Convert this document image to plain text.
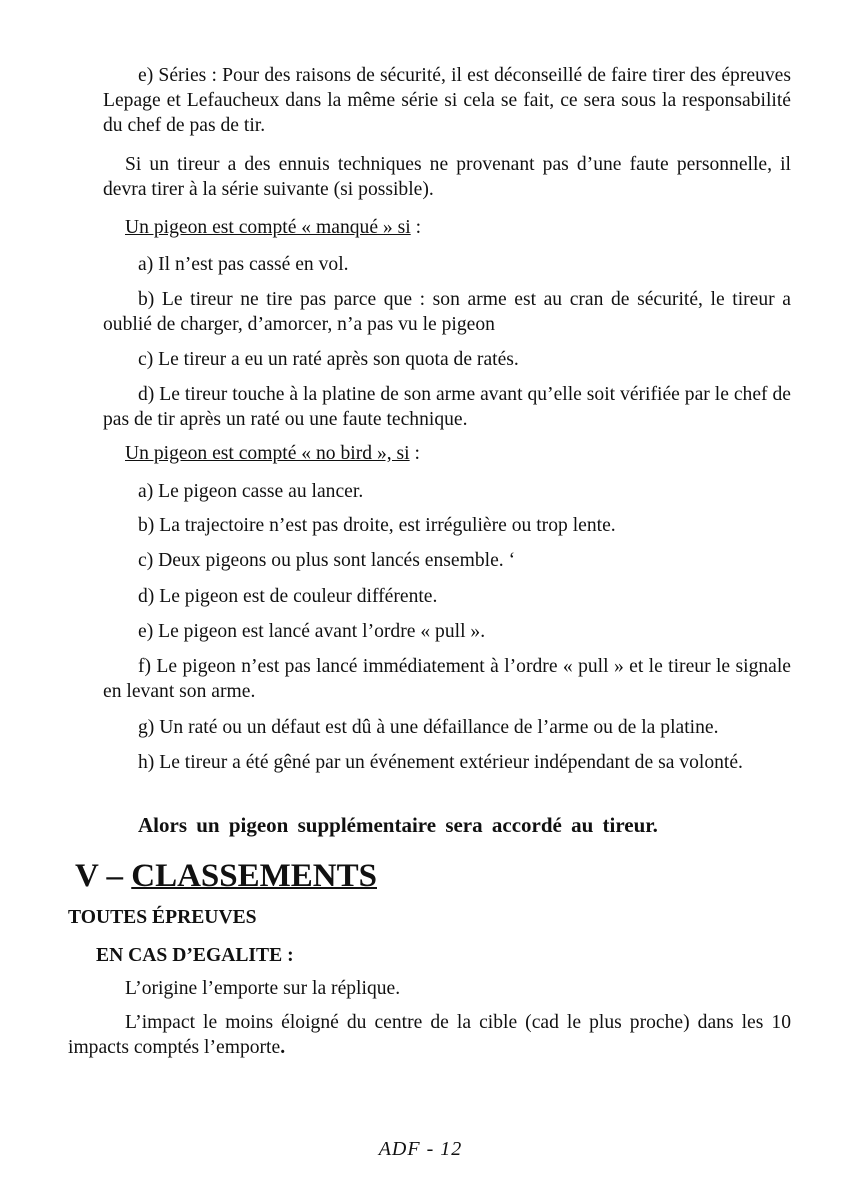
e) Séries : Pour des raisons de sécurité, il est déconseillé de faire tirer des épreuves Lepage et Lefaucheux dans la même série si cela se fait, ce sera sous la responsabilité du chef de pas de tir.

Si un tireur a des ennuis techniques ne provenant pas d’une faute personnelle, il devra tirer à la série suivante (si possible).

Un pigeon est compté « manqué » si :

a) Il n’est pas cassé en vol.

b) Le tireur ne tire pas parce que : son arme est au cran de sécurité, le tireur a oublié de charger, d’amorcer, n’a pas vu le pigeon

c) Le tireur a eu un raté après son quota de ratés.

d) Le tireur touche à la platine de son arme avant qu’elle soit vérifiée par le chef de pas de tir après un raté ou une faute technique.

Un pigeon est compté « no bird », si :

a) Le pigeon casse au lancer.

b) La trajectoire n’est pas droite, est irrégulière ou trop lente.

c) Deux pigeons ou plus sont lancés ensemble. ‘

d) Le pigeon est de couleur différente.

e) Le pigeon est lancé avant l’ordre « pull ».

f) Le pigeon n’est pas lancé immédiatement à l’ordre « pull » et le tireur le signale en levant son arme.

g) Un raté ou un défaut est dû à une défaillance de l’arme ou de la platine.

h) Le tireur a été gêné par un événement extérieur indépendant de sa volonté.

Alors un pigeon supplémentaire sera accordé au tireur.

V – CLASSEMENTS
TOUTES ÉPREUVES
EN CAS D’EGALITE :

L’origine l’emporte sur la réplique.

L’impact le moins éloigné du centre de la cible (cad le plus proche) dans les 10 impacts comptés l’emporte.

ADF - 12
